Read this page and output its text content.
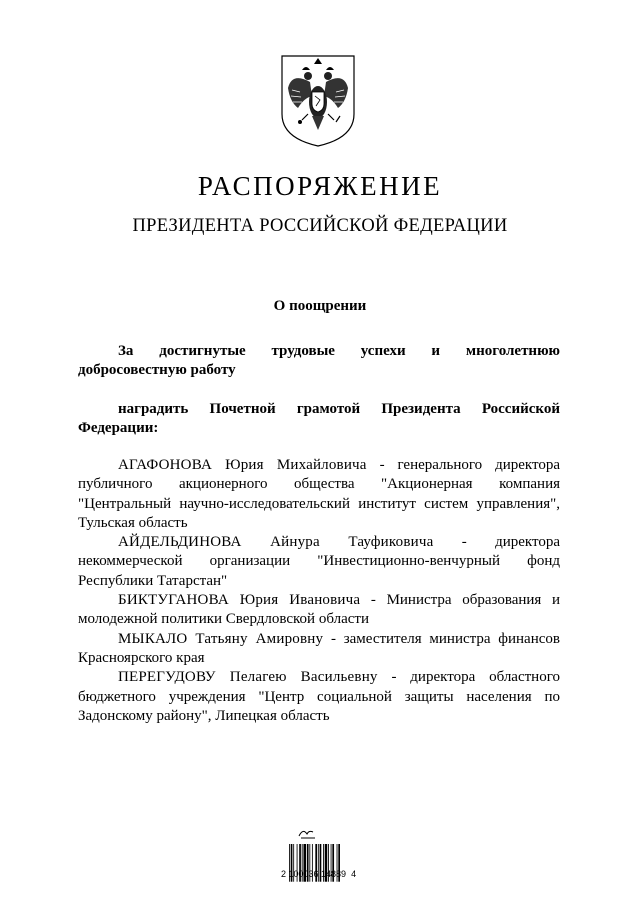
РАСПОРЯЖЕНИЕ
ПРЕЗИДЕНТА РОССИЙСКОЙ ФЕДЕРАЦИИ
О поощрении
За достигнутые трудовые успехи и многолетнюю добросовестную работу
наградить Почетной грамотой Президента Российской Федерации:

АГАФОНОВА Юрия Михайловича - генерального директора публичного акционерного общества "Акционерная компания "Центральный научно-исследовательский институт систем управления", Тульская область

АЙДЕЛЬДИНОВА Айнура Тауфиковича - директора некоммерческой организации "Инвестиционно-венчурный фонд Республики Татарстан"

БИКТУГАНОВА Юрия Ивановича - Министра образования и молодежной политики Свердловской области

МЫКАЛО Татьяну Амировну - заместителя министра финансов Красноярского края

ПЕРЕГУДОВУ Пелагею Васильевну - директора областного бюджетного учреждения "Центр социальной защиты населения по Задонскому району", Липецкая область

2 100036 14889  4
